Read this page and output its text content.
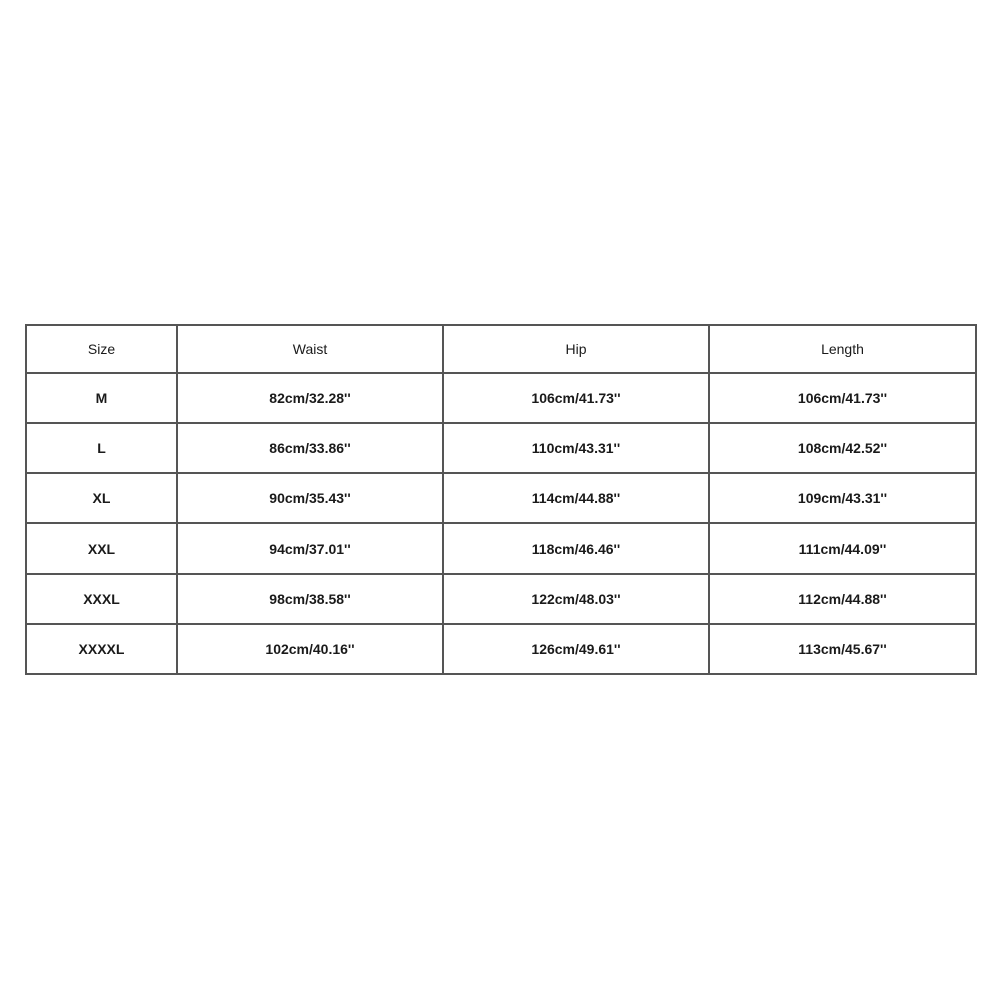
Size	Waist	Hip	Length
M	82cm/32.28''	106cm/41.73''	106cm/41.73''
L	86cm/33.86''	110cm/43.31''	108cm/42.52''
XL	90cm/35.43''	114cm/44.88''	109cm/43.31''
XXL	94cm/37.01''	118cm/46.46''	111cm/44.09''
XXXL	98cm/38.58''	122cm/48.03''	112cm/44.88''
XXXXL	102cm/40.16''	126cm/49.61''	113cm/45.67''
